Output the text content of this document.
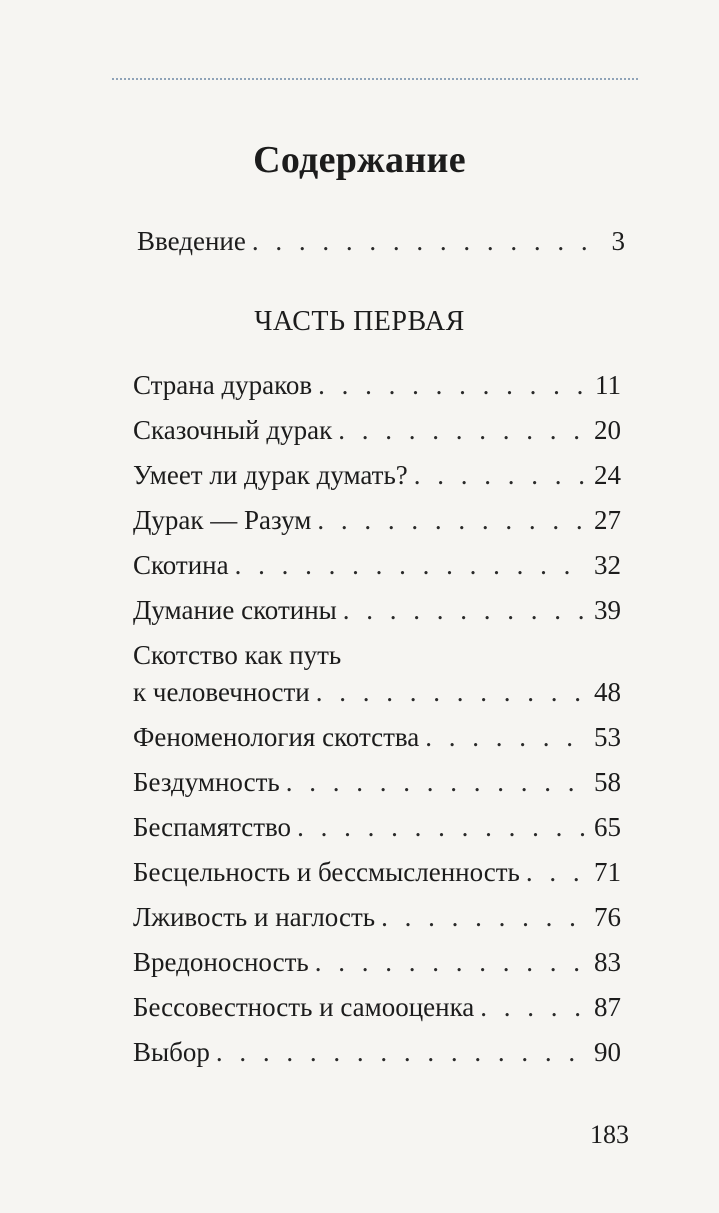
Содержание
Введение . . .	3
ЧАСТЬ ПЕРВАЯ
Страна дураков . . .	11
Сказочный дурак . . .	20
Умеет ли дурак думать? . . .	24
Дурак — Разум . . .	27
Скотина . . .	32
Думание скотины . . .	39
Скотство как путь
к человечности . . .	48
Феноменология скотства . . .	53
Бездумность . . .	58
Беспамятство . . .	65
Бесцельность и бессмысленность . . .	71
Лживость и наглость . . .	76
Вредоносность . . .	83
Бессовестность и самооценка . . .	87
Выбор . . .	90
183
